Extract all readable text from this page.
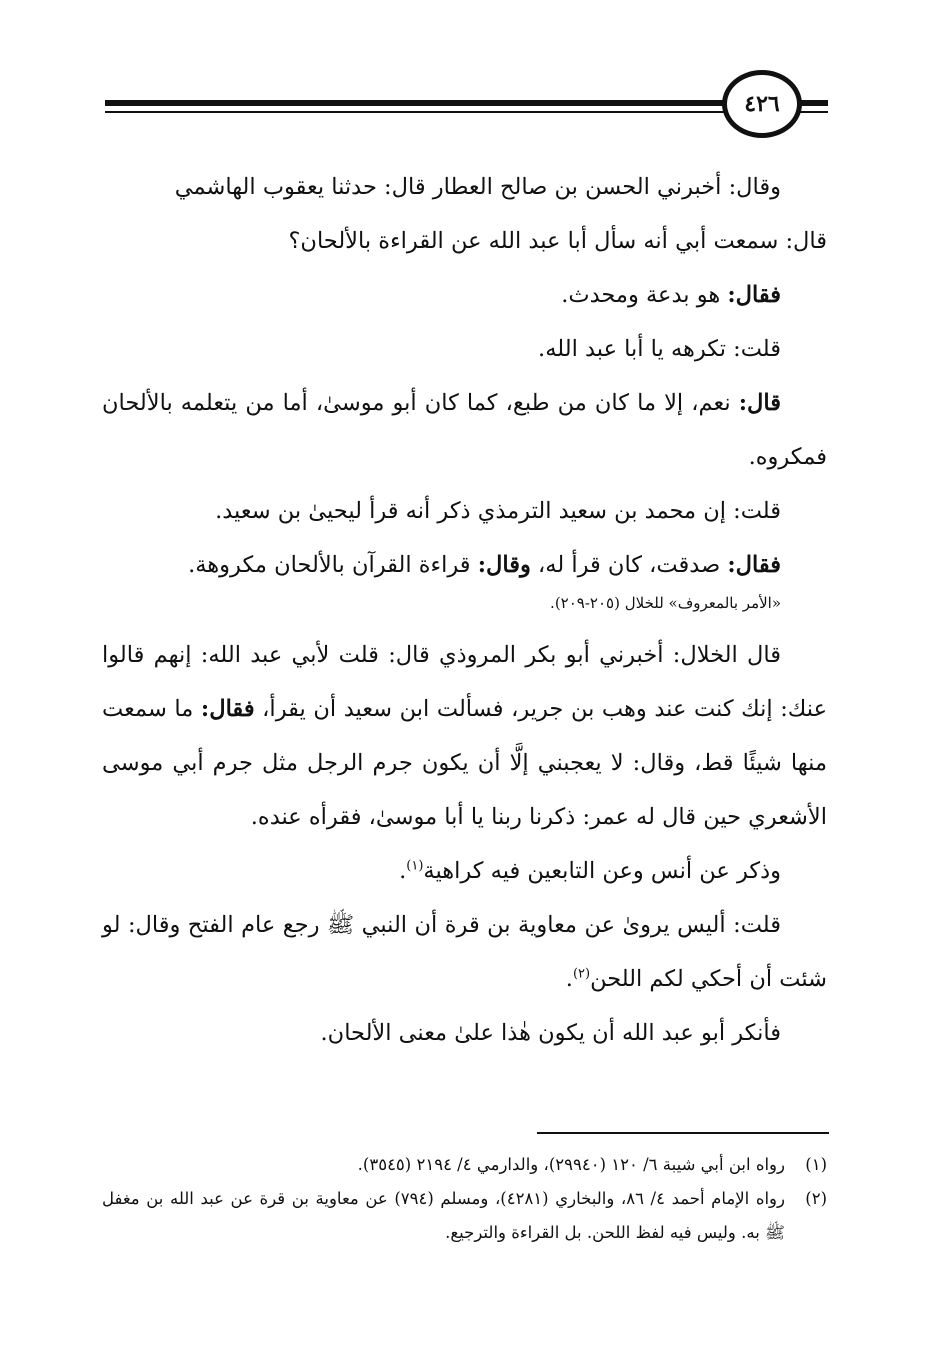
٤٢٦

وقال: أخبرني الحسن بن صالح العطار قال: حدثنا يعقوب الهاشمي
قال: سمعت أبي أنه سأل أبا عبد الله عن القراءة بالألحان؟

فقال: هو بدعة ومحدث.

قلت: تكرهه يا أبا عبد الله.

قال: نعم، إلا ما كان من طبع، كما كان أبو موسىٰ، أما من يتعلمه بالألحان فمكروه.

قلت: إن محمد بن سعيد الترمذي ذكر أنه قرأ ليحيىٰ بن سعيد.

فقال: صدقت، كان قرأ له، وقال: قراءة القرآن بالألحان مكروهة.

«الأمر بالمعروف» للخلال (٢٠٥-٢٠٩).

قال الخلال: أخبرني أبو بكر المروذي قال: قلت لأبي عبد الله: إنهم قالوا عنك: إنك كنت عند وهب بن جرير، فسألت ابن سعيد أن يقرأ، فقال: ما سمعت منها شيئًا قط، وقال: لا يعجبني إلَّا أن يكون جرم الرجل مثل جرم أبي موسى الأشعري حين قال له عمر: ذكرنا ربنا يا أبا موسىٰ، فقرأه عنده.

وذكر عن أنس وعن التابعين فيه كراهية$^{(١)}$.

قلت: أليس يروىٰ عن معاوية بن قرة أن النبي ﷺ رجع عام الفتح وقال: لو شئت أن أحكي لكم اللحن$^{(٢)}$.

فأنكر أبو عبد الله أن يكون هٰذا علىٰ معنى الألحان.

(١)
رواه ابن أبي شيبة ٦/ ١٢٠ (٢٩٩٤٠)، والدارمي ٤/ ٢١٩٤ (٣٥٤٥).
(٢)
رواه الإمام أحمد ٤/ ٨٦، والبخاري (٤٢٨١)، ومسلم (٧٩٤) عن معاوية بن قرة عن عبد الله بن مغفل ﷺ به. وليس فيه لفظ اللحن. بل القراءة والترجيع.
